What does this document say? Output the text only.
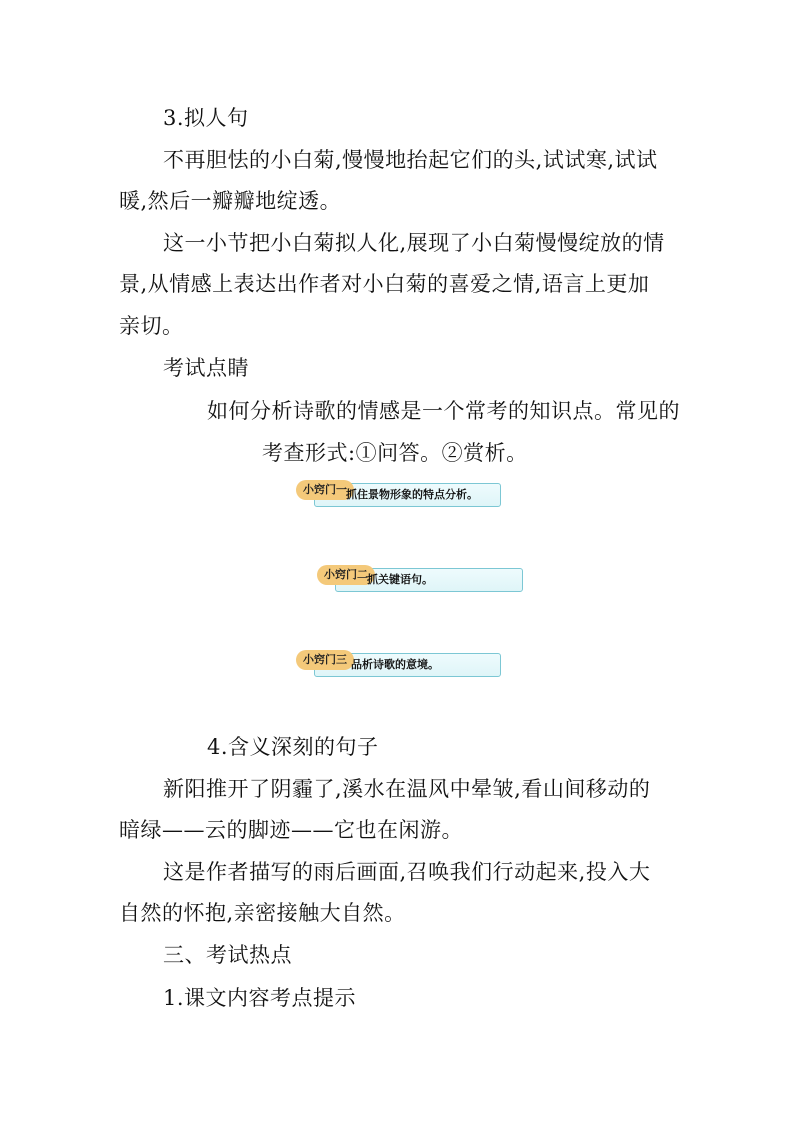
3.拟人句
不再胆怯的小白菊,慢慢地抬起它们的头,试试寒,试试
暖,然后一瓣瓣地绽透。
这一小节把小白菊拟人化,展现了小白菊慢慢绽放的情
景,从情感上表达出作者对小白菊的喜爱之情,语言上更加
亲切。
考试点睛
如何分析诗歌的情感是一个常考的知识点。常见的
考查形式:①问答。②赏析。
小窍门一 抓住景物形象的特点分析。
小窍门二 抓关键语句。
小窍门三 品析诗歌的意境。
4.含义深刻的句子
新阳推开了阴霾了,溪水在温风中晕皱,看山间移动的
暗绿——云的脚迹——它也在闲游。
这是作者描写的雨后画面,召唤我们行动起来,投入大
自然的怀抱,亲密接触大自然。
三、考试热点
1.课文内容考点提示
